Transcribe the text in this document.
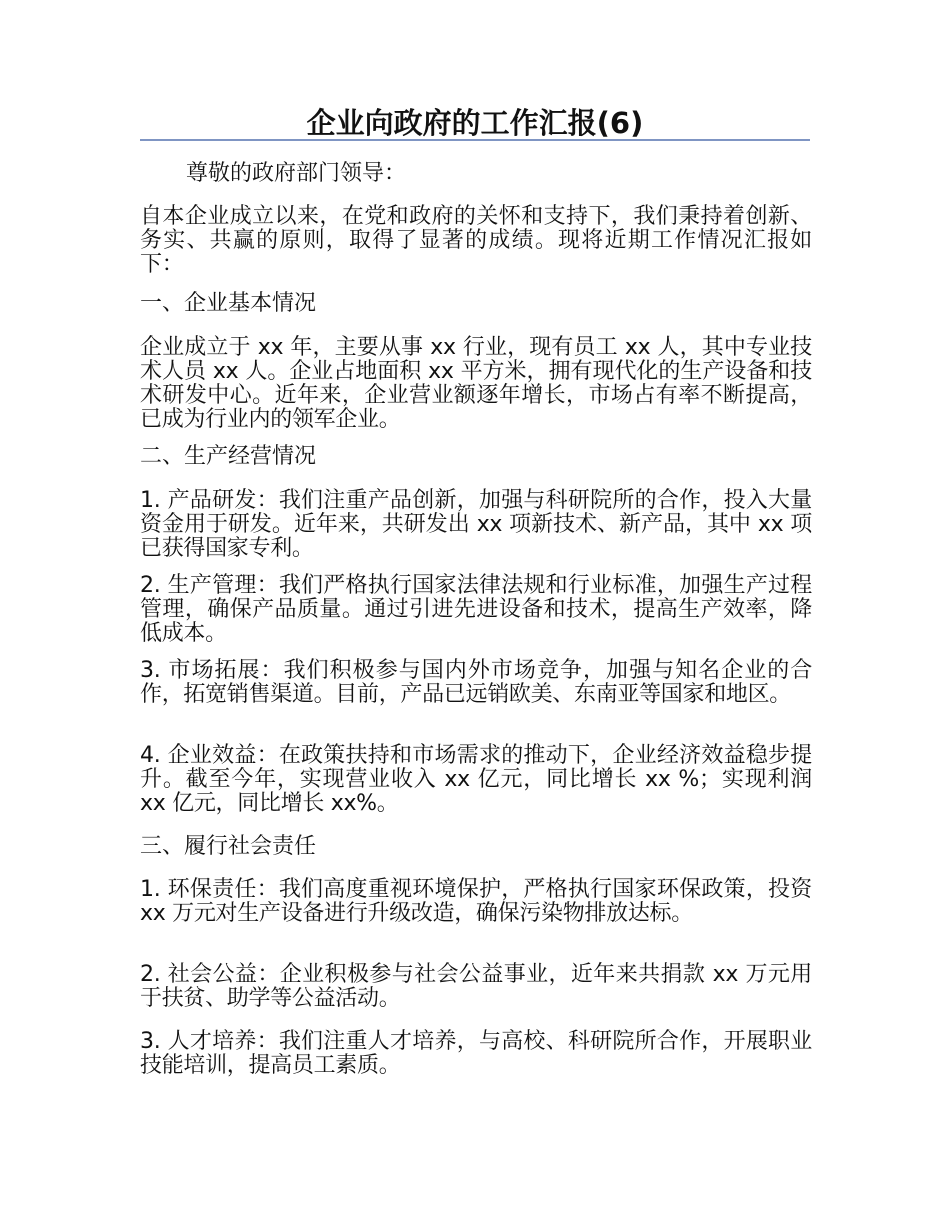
企业向政府的工作汇报(6)

尊敬的政府部门领导：

自本企业成立以来，在党和政府的关怀和支持下，我们秉持着创新、务实、共赢的原则，取得了显著的成绩。现将近期工作情况汇报如下：

一、企业基本情况

企业成立于 xx 年，主要从事 xx 行业，现有员工 xx 人，其中专业技术人员 xx 人。企业占地面积 xx 平方米，拥有现代化的生产设备和技术研发中心。近年来，企业营业额逐年增长，市场占有率不断提高，已成为行业内的领军企业。

二、生产经营情况

1. 产品研发：我们注重产品创新，加强与科研院所的合作，投入大量资金用于研发。近年来，共研发出 xx 项新技术、新产品，其中 xx 项已获得国家专利。

2. 生产管理：我们严格执行国家法律法规和行业标准，加强生产过程管理，确保产品质量。通过引进先进设备和技术，提高生产效率，降低成本。

3. 市场拓展：我们积极参与国内外市场竞争，加强与知名企业的合作，拓宽销售渠道。目前，产品已远销欧美、东南亚等国家和地区。

4. 企业效益：在政策扶持和市场需求的推动下，企业经济效益稳步提升。截至今年，实现营业收入 xx 亿元，同比增长 xx %；实现利润 xx 亿元，同比增长 xx%。

三、履行社会责任

1. 环保责任：我们高度重视环境保护，严格执行国家环保政策，投资 xx 万元对生产设备进行升级改造，确保污染物排放达标。

2. 社会公益：企业积极参与社会公益事业，近年来共捐款 xx 万元用于扶贫、助学等公益活动。

3. 人才培养：我们注重人才培养，与高校、科研院所合作，开展职业技能培训，提高员工素质。
